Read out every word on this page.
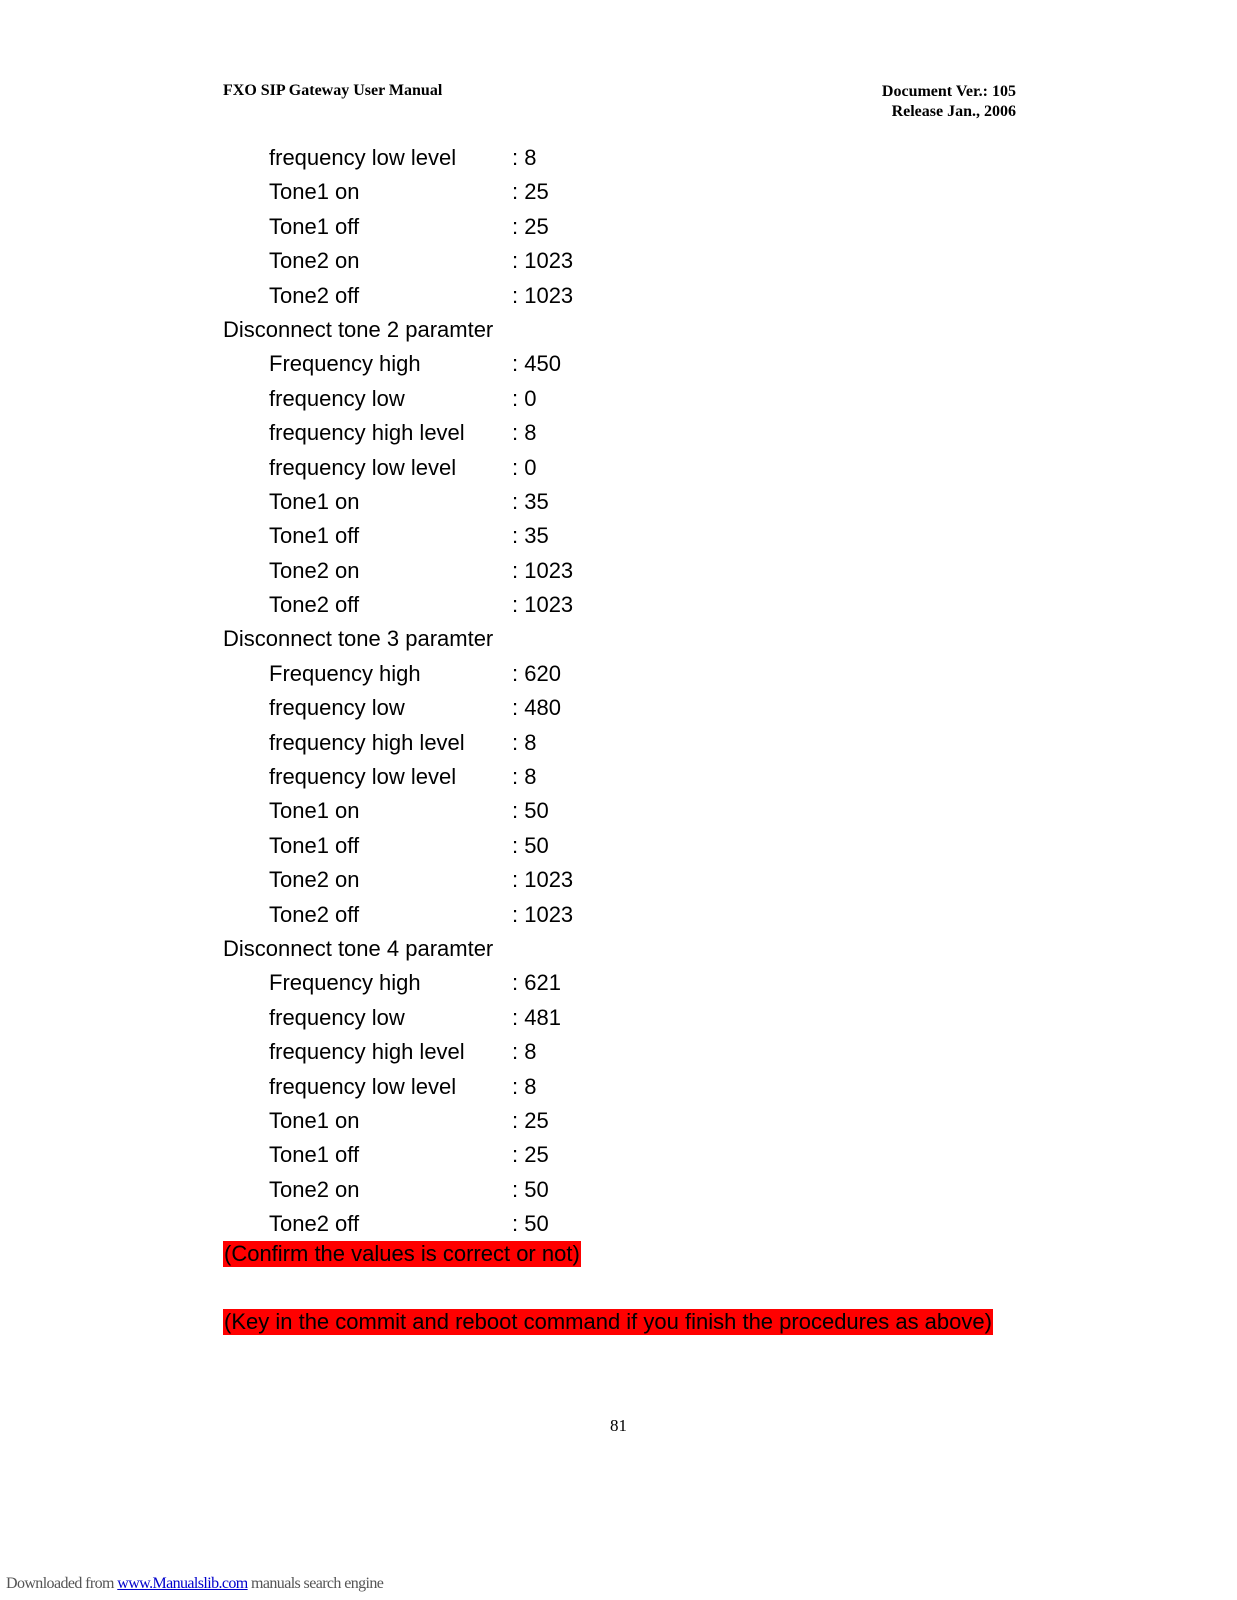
FXO SIP Gateway User Manual	Document Ver.: 105
Release Jan., 2006
frequency low level	: 8
Tone1 on	: 25
Tone1 off	: 25
Tone2 on	: 1023
Tone2 off	: 1023
Disconnect tone 2 paramter
Frequency high	: 450
frequency low	: 0
frequency high level : 8
frequency low level	: 0
Tone1 on	: 35
Tone1 off	: 35
Tone2 on	: 1023
Tone2 off	: 1023
Disconnect tone 3 paramter
Frequency high	: 620
frequency low	: 480
frequency high level : 8
frequency low level	: 8
Tone1 on	: 50
Tone1 off	: 50
Tone2 on	: 1023
Tone2 off	: 1023
Disconnect tone 4 paramter
Frequency high	: 621
frequency low	: 481
frequency high level : 8
frequency low level	: 8
Tone1 on	: 25
Tone1 off	: 25
Tone2 on	: 50
Tone2 off	: 50
(Confirm the values is correct or not)
(Key in the commit and reboot command if you finish the procedures as above)
81
Downloaded from www.Manualslib.com manuals search engine
